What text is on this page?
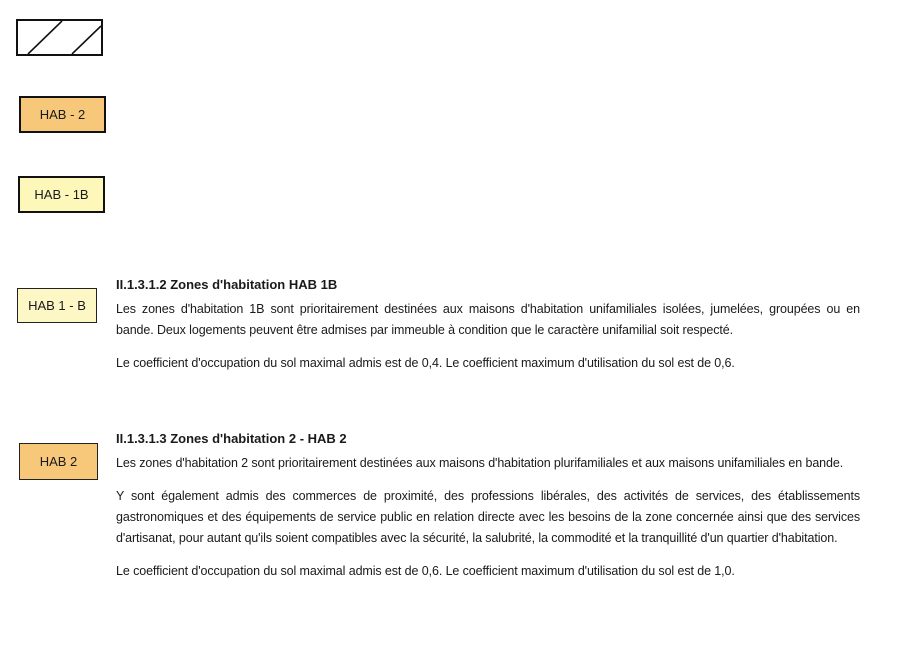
HAB - 2
HAB - 1B
HAB 1 - B
II.1.3.1.2 Zones d'habitation HAB 1B

Les zones d'habitation 1B sont prioritairement destinées aux maisons d'habitation unifamiliales isolées, jumelées, groupées ou en bande. Deux logements peuvent être admises par immeuble à condition que le caractère unifamilial soit respecté.

Le coefficient d'occupation du sol maximal admis est de 0,4. Le coefficient maximum d'utilisation du sol est de 0,6.

HAB 2
II.1.3.1.3 Zones d'habitation 2 - HAB 2

Les zones d'habitation 2 sont prioritairement destinées aux maisons d'habitation plurifamiliales et aux maisons unifamiliales en bande.

Y sont également admis des commerces de proximité, des professions libérales, des activités de services, des établissements gastronomiques et des équipements de service public en relation directe avec les besoins de la zone concernée ainsi que des services d'artisanat, pour autant qu'ils soient compatibles avec la sécurité, la salubrité, la commodité et la tranquillité d'un quartier d'habitation.

Le coefficient d'occupation du sol maximal admis est de 0,6. Le coefficient maximum d'utilisation du sol est de 1,0.
